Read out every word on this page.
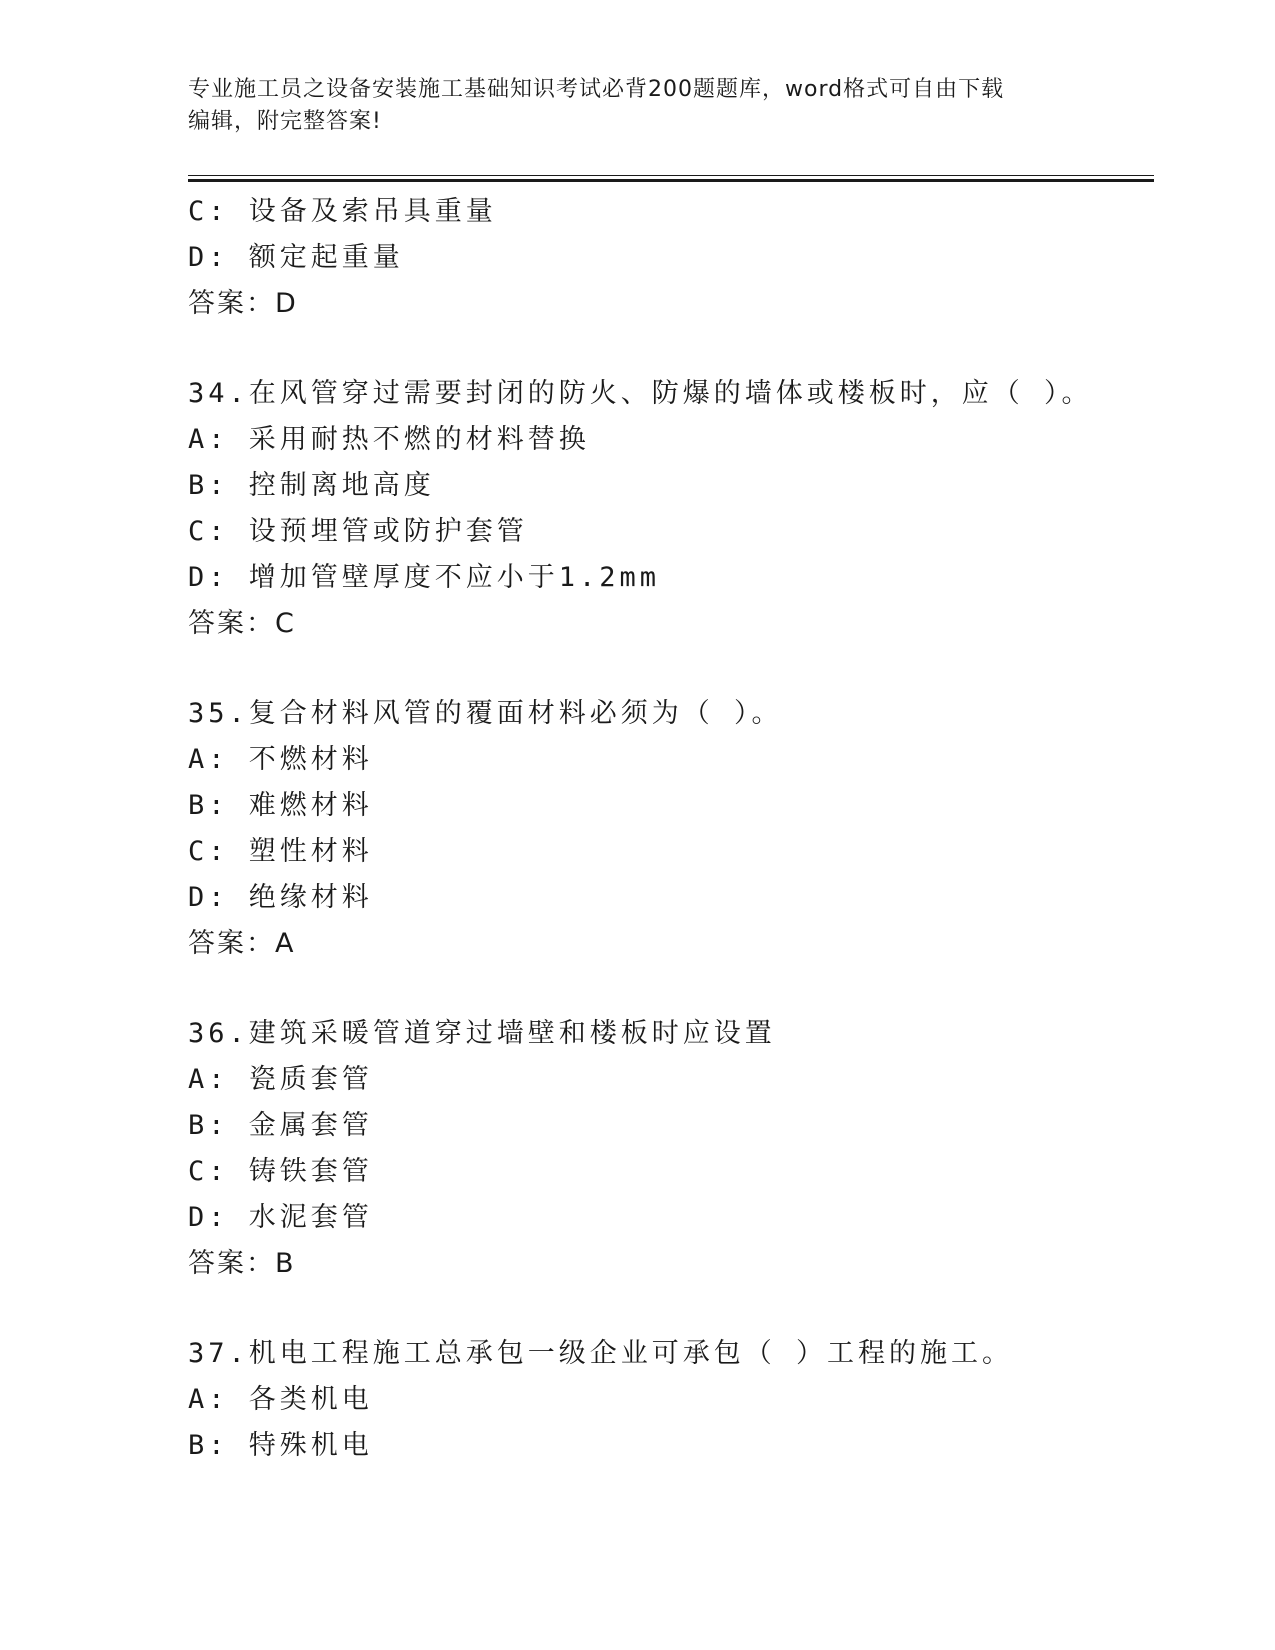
专业施工员之设备安装施工基础知识考试必背200题题库，word格式可自由下载
编辑，附完整答案!
C: 设备及索吊具重量
D: 额定起重量
答案：D
34.在风管穿过需要封闭的防火、防爆的墙体或楼板时，应（ ）。
A: 采用耐热不燃的材料替换
B: 控制离地高度
C: 设预埋管或防护套管
D: 增加管壁厚度不应小于1.2mm
答案：C
35.复合材料风管的覆面材料必须为（ ）。
A: 不燃材料
B: 难燃材料
C: 塑性材料
D: 绝缘材料
答案：A
36.建筑采暖管道穿过墙壁和楼板时应设置
A: 瓷质套管
B: 金属套管
C: 铸铁套管
D: 水泥套管
答案：B
37.机电工程施工总承包一级企业可承包（ ）工程的施工。
A: 各类机电
B: 特殊机电
